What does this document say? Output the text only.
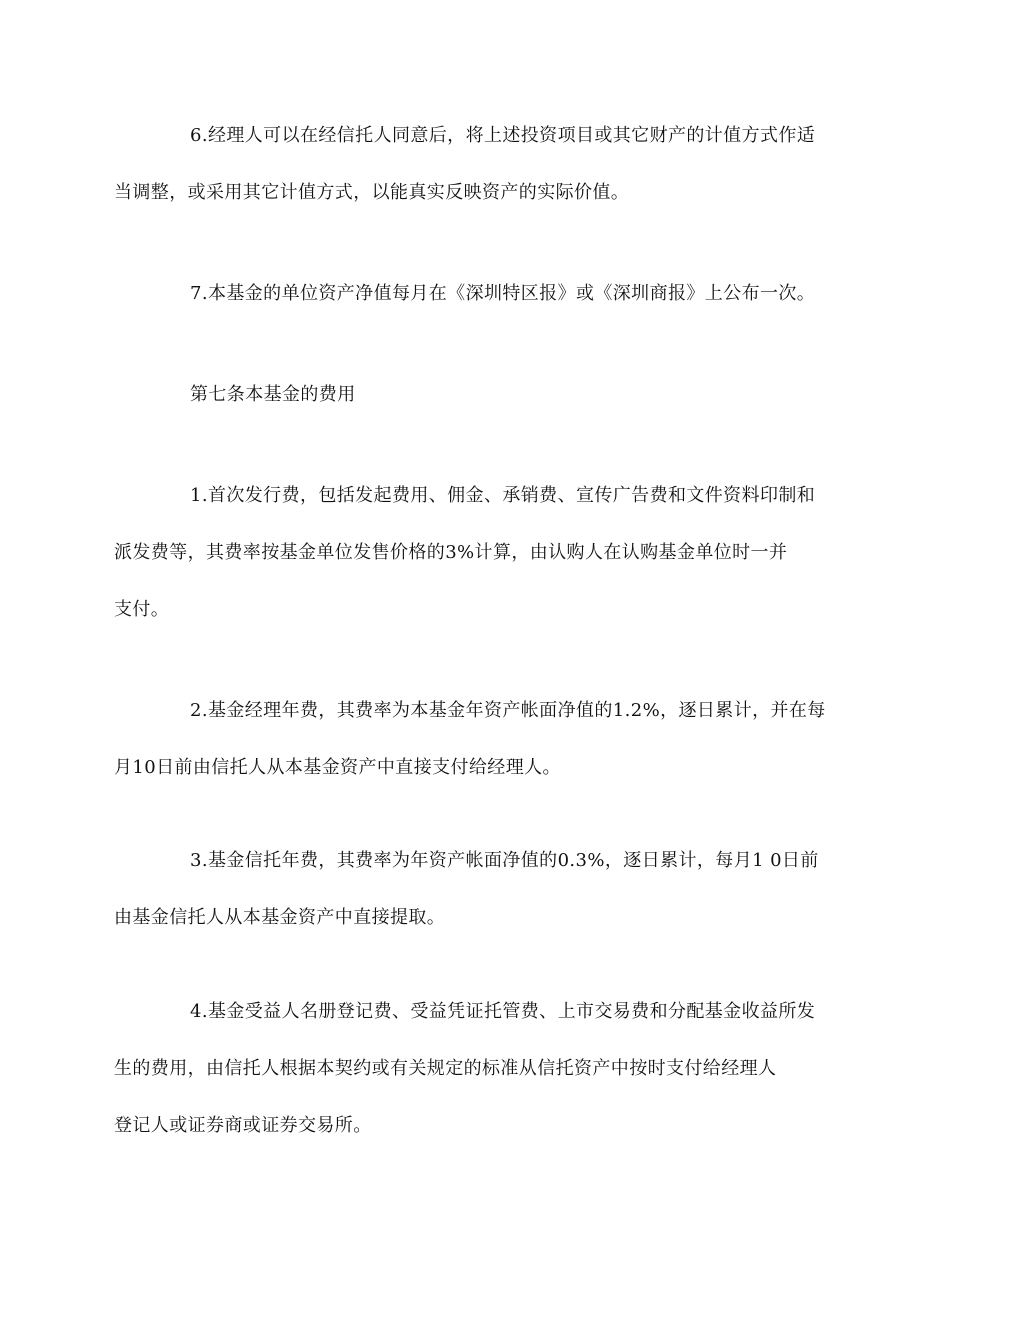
6.经理人可以在经信托人同意后，将上述投资项目或其它财产的计值方式作适
当调整，或采用其它计值方式，以能真实反映资产的实际价值。

7.本基金的单位资产净值每月在《深圳特区报》或《深圳商报》上公布一次。

第七条本基金的费用

1.首次发行费，包括发起费用、佣金、承销费、宣传广告费和文件资料印制和
派发费等，其费率按基金单位发售价格的3%计算，由认购人在认购基金单位时一并
支付。

2.基金经理年费，其费率为本基金年资产帐面净值的1.2%，逐日累计，并在每
月10日前由信托人从本基金资产中直接支付给经理人。

3.基金信托年费，其费率为年资产帐面净值的0.3%，逐日累计，每月1 0日前
由基金信托人从本基金资产中直接提取。

4.基金受益人名册登记费、受益凭证托管费、上市交易费和分配基金收益所发
生的费用，由信托人根据本契约或有关规定的标准从信托资产中按时支付给经理人
登记人或证券商或证券交易所。
